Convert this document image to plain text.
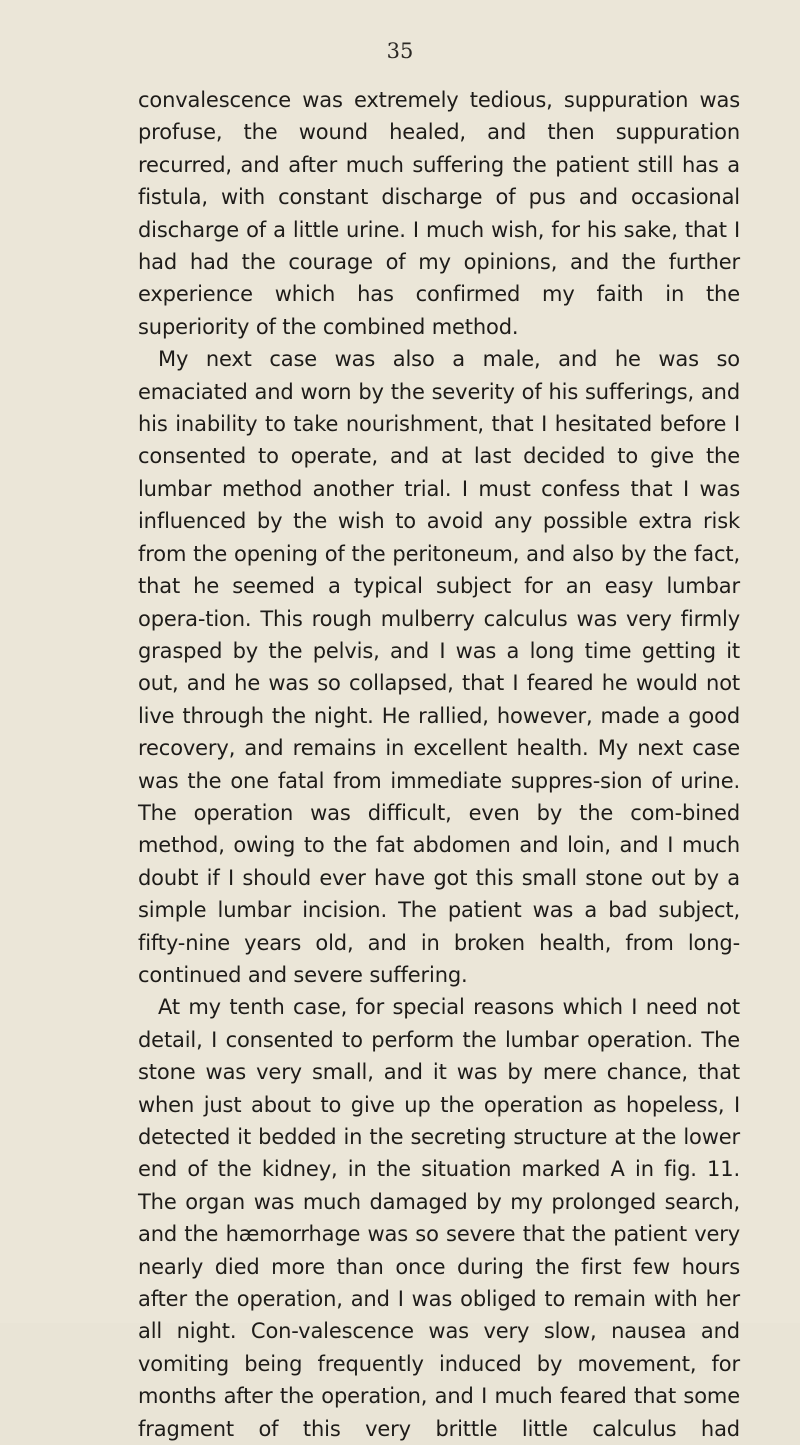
35

convalescence was extremely tedious, suppuration was profuse, the wound healed, and then suppuration recurred, and after much suffering the patient still has a fistula, with constant discharge of pus and occasional discharge of a little urine. I much wish, for his sake, that I had had the courage of my opinions, and the further experience which has confirmed my faith in the superiority of the combined method.

My next case was also a male, and he was so emaciated and worn by the severity of his sufferings, and his inability to take nourishment, that I hesitated before I consented to operate, and at last decided to give the lumbar method another trial. I must confess that I was influenced by the wish to avoid any possible extra risk from the opening of the peritoneum, and also by the fact, that he seemed a typical subject for an easy lumbar opera-tion. This rough mulberry calculus was very firmly grasped by the pelvis, and I was a long time getting it out, and he was so collapsed, that I feared he would not live through the night. He rallied, however, made a good recovery, and remains in excellent health. My next case was the one fatal from immediate suppres-sion of urine. The operation was difficult, even by the com-bined method, owing to the fat abdomen and loin, and I much doubt if I should ever have got this small stone out by a simple lumbar incision. The patient was a bad subject, fifty-nine years old, and in broken health, from long-continued and severe suffering.

At my tenth case, for special reasons which I need not detail, I consented to perform the lumbar operation. The stone was very small, and it was by mere chance, that when just about to give up the operation as hopeless, I detected it bedded in the secreting structure at the lower end of the kidney, in the situation marked A in fig. 11. The organ was much damaged by my prolonged search, and the hæmorrhage was so severe that the patient very nearly died more than once during the first few hours after the operation, and I was obliged to remain with her all night. Con-valescence was very slow, nausea and vomiting being frequently induced by movement, for months after the operation, and I much feared that some fragment of this very brittle little calculus had
